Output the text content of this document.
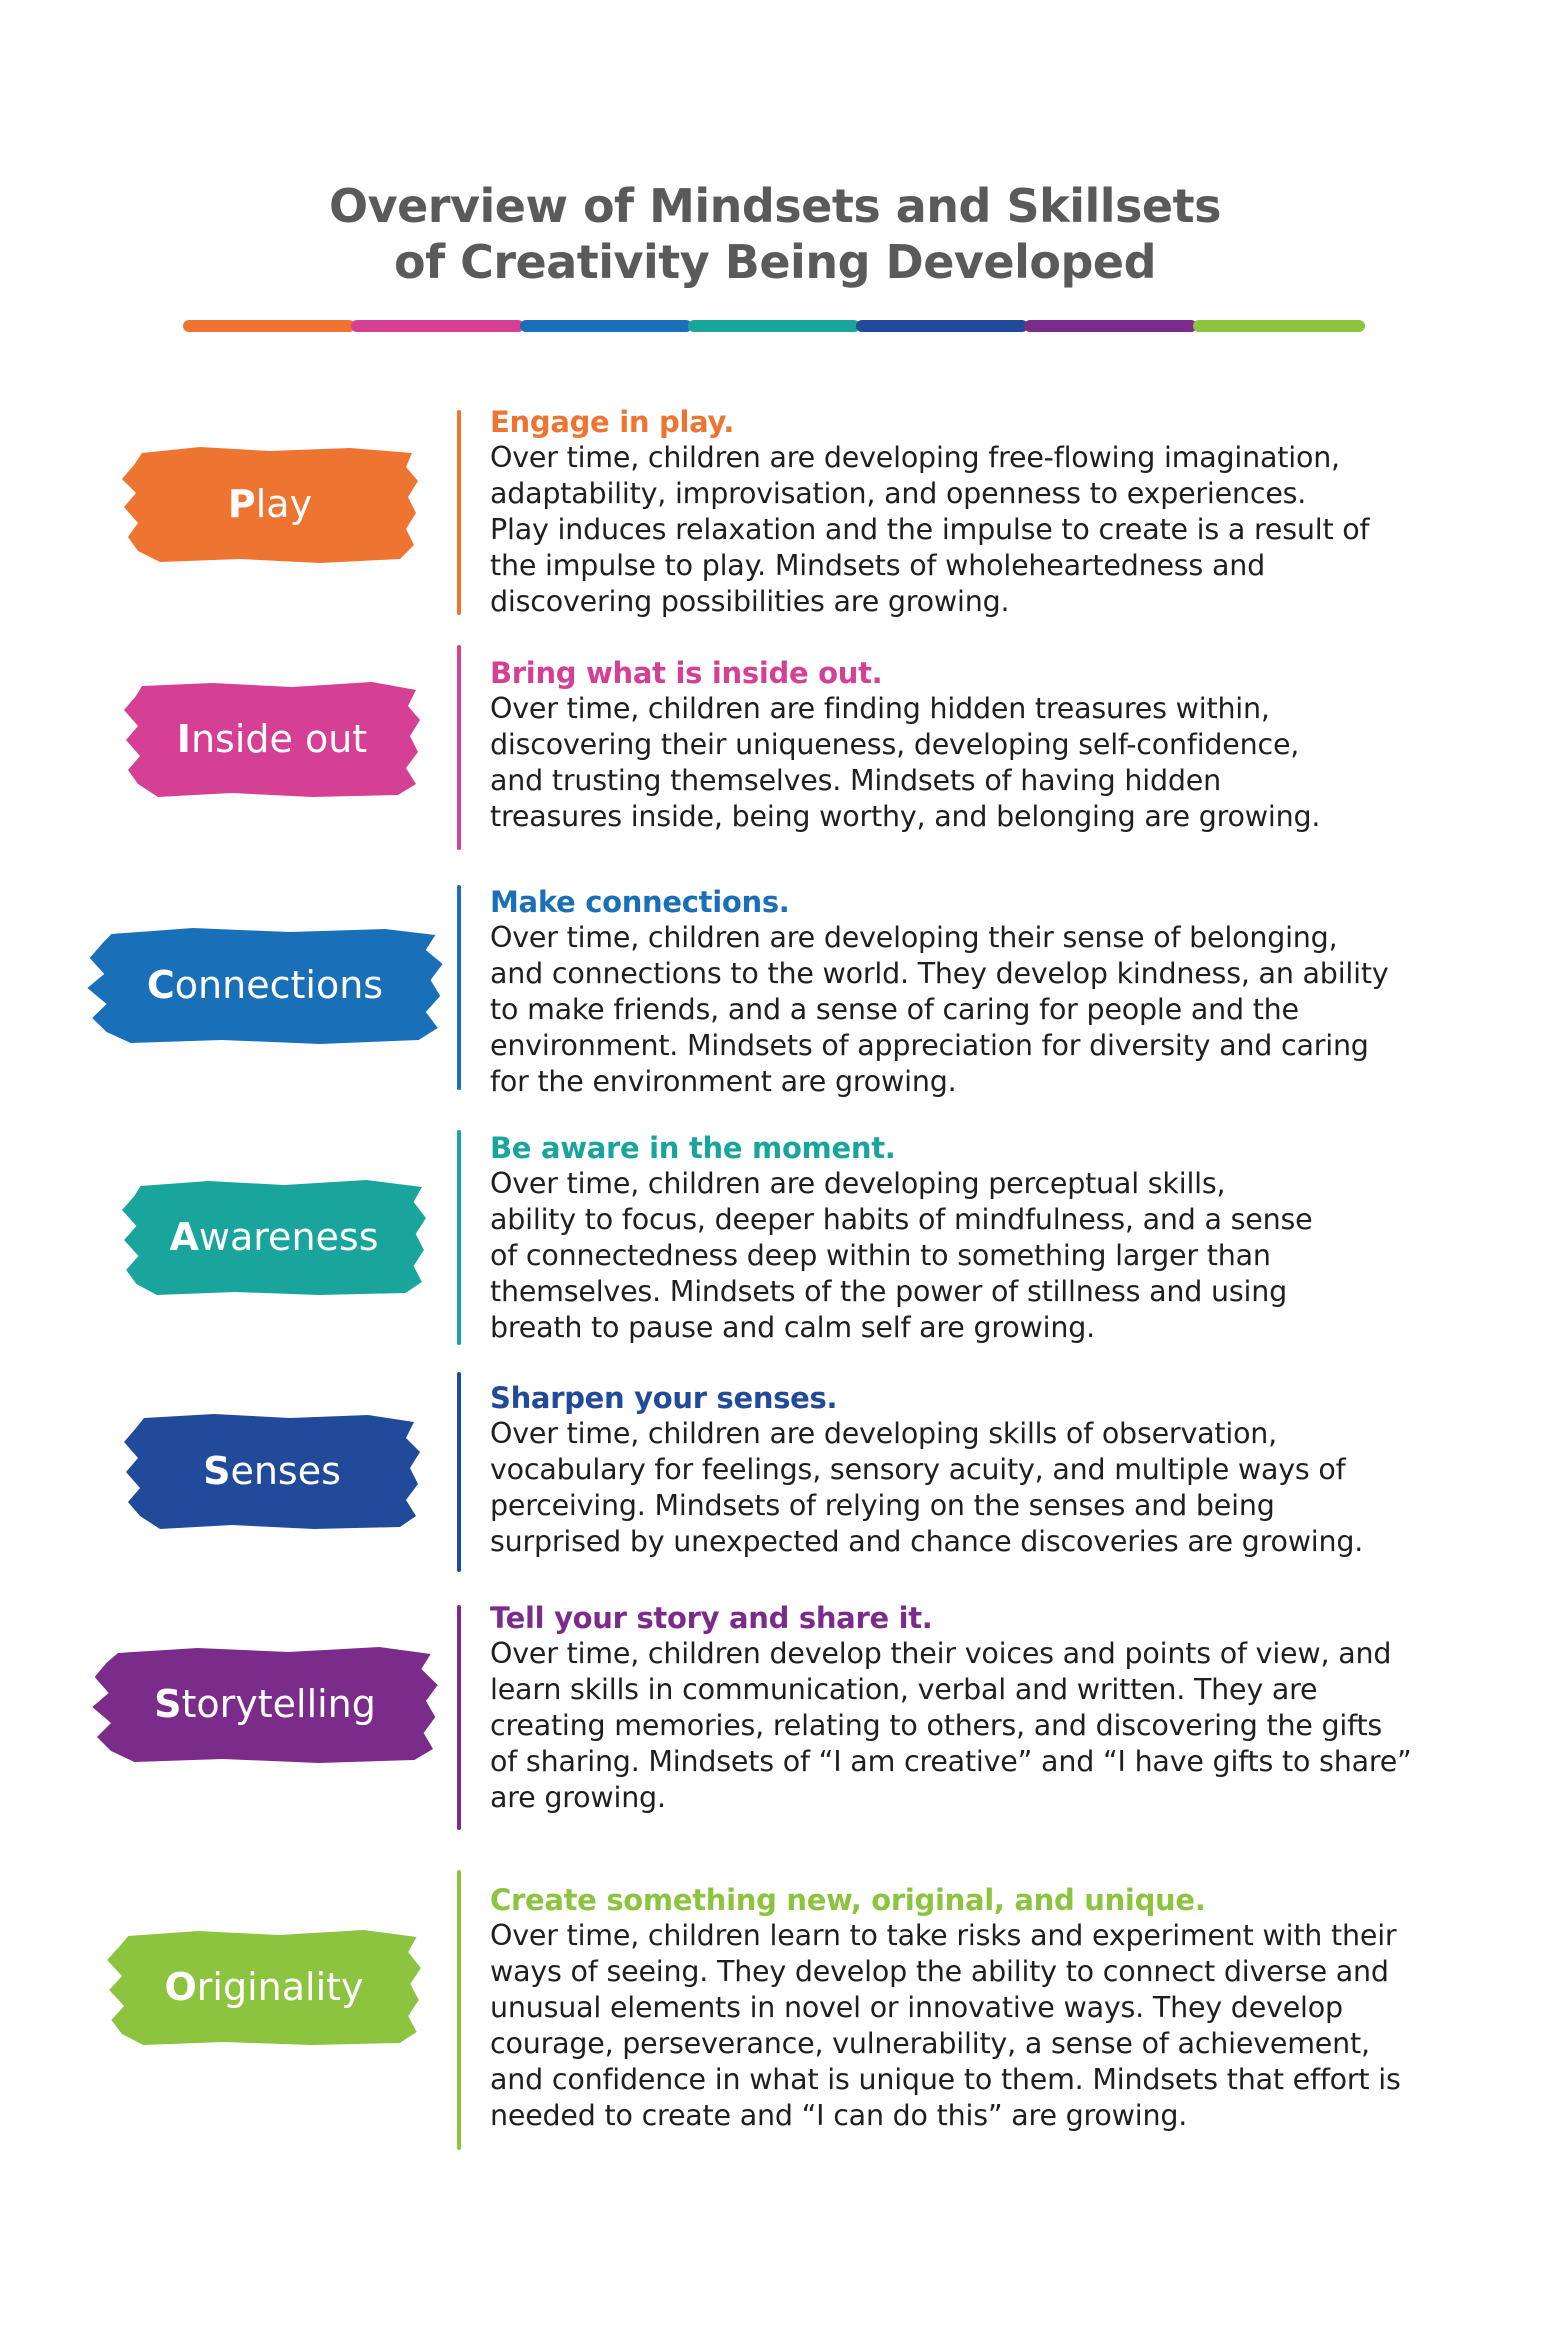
Overview of Mindsets and Skillsets
of Creativity Being Developed
P lay
Engage in play.
Over time, children are developing free-flowing imagination,
adaptability, improvisation, and openness to experiences.
Play induces relaxation and the impulse to create is a result of
the impulse to play. Mindsets of wholeheartedness and
discovering possibilities are growing.
I nside out
Bring what is inside out.
Over time, children are finding hidden treasures within,
discovering their uniqueness, developing self-confidence,
and trusting themselves. Mindsets of having hidden
treasures inside, being worthy, and belonging are growing.
C onnections
Make connections.
Over time, children are developing their sense of belonging,
and connections to the world. They develop kindness, an ability
to make friends, and a sense of caring for people and the
environment. Mindsets of appreciation for diversity and caring
for the environment are growing.
A wareness
Be aware in the moment.
Over time, children are developing perceptual skills,
ability to focus, deeper habits of mindfulness, and a sense
of connectedness deep within to something larger than
themselves. Mindsets of the power of stillness and using
breath to pause and calm self are growing.
S enses
Sharpen your senses.
Over time, children are developing skills of observation,
vocabulary for feelings, sensory acuity, and multiple ways of
perceiving. Mindsets of relying on the senses and being
surprised by unexpected and chance discoveries are growing.
S torytelling
Tell your story and share it.
Over time, children develop their voices and points of view, and
learn skills in communication, verbal and written. They are
creating memories, relating to others, and discovering the gifts
of sharing. Mindsets of “I am creative” and “I have gifts to share”
are growing.
O riginality
Create something new, original, and unique.
Over time, children learn to take risks and experiment with their
ways of seeing. They develop the ability to connect diverse and
unusual elements in novel or innovative ways. They develop
courage, perseverance, vulnerability, a sense of achievement,
and confidence in what is unique to them. Mindsets that effort is
needed to create and “I can do this” are growing.
